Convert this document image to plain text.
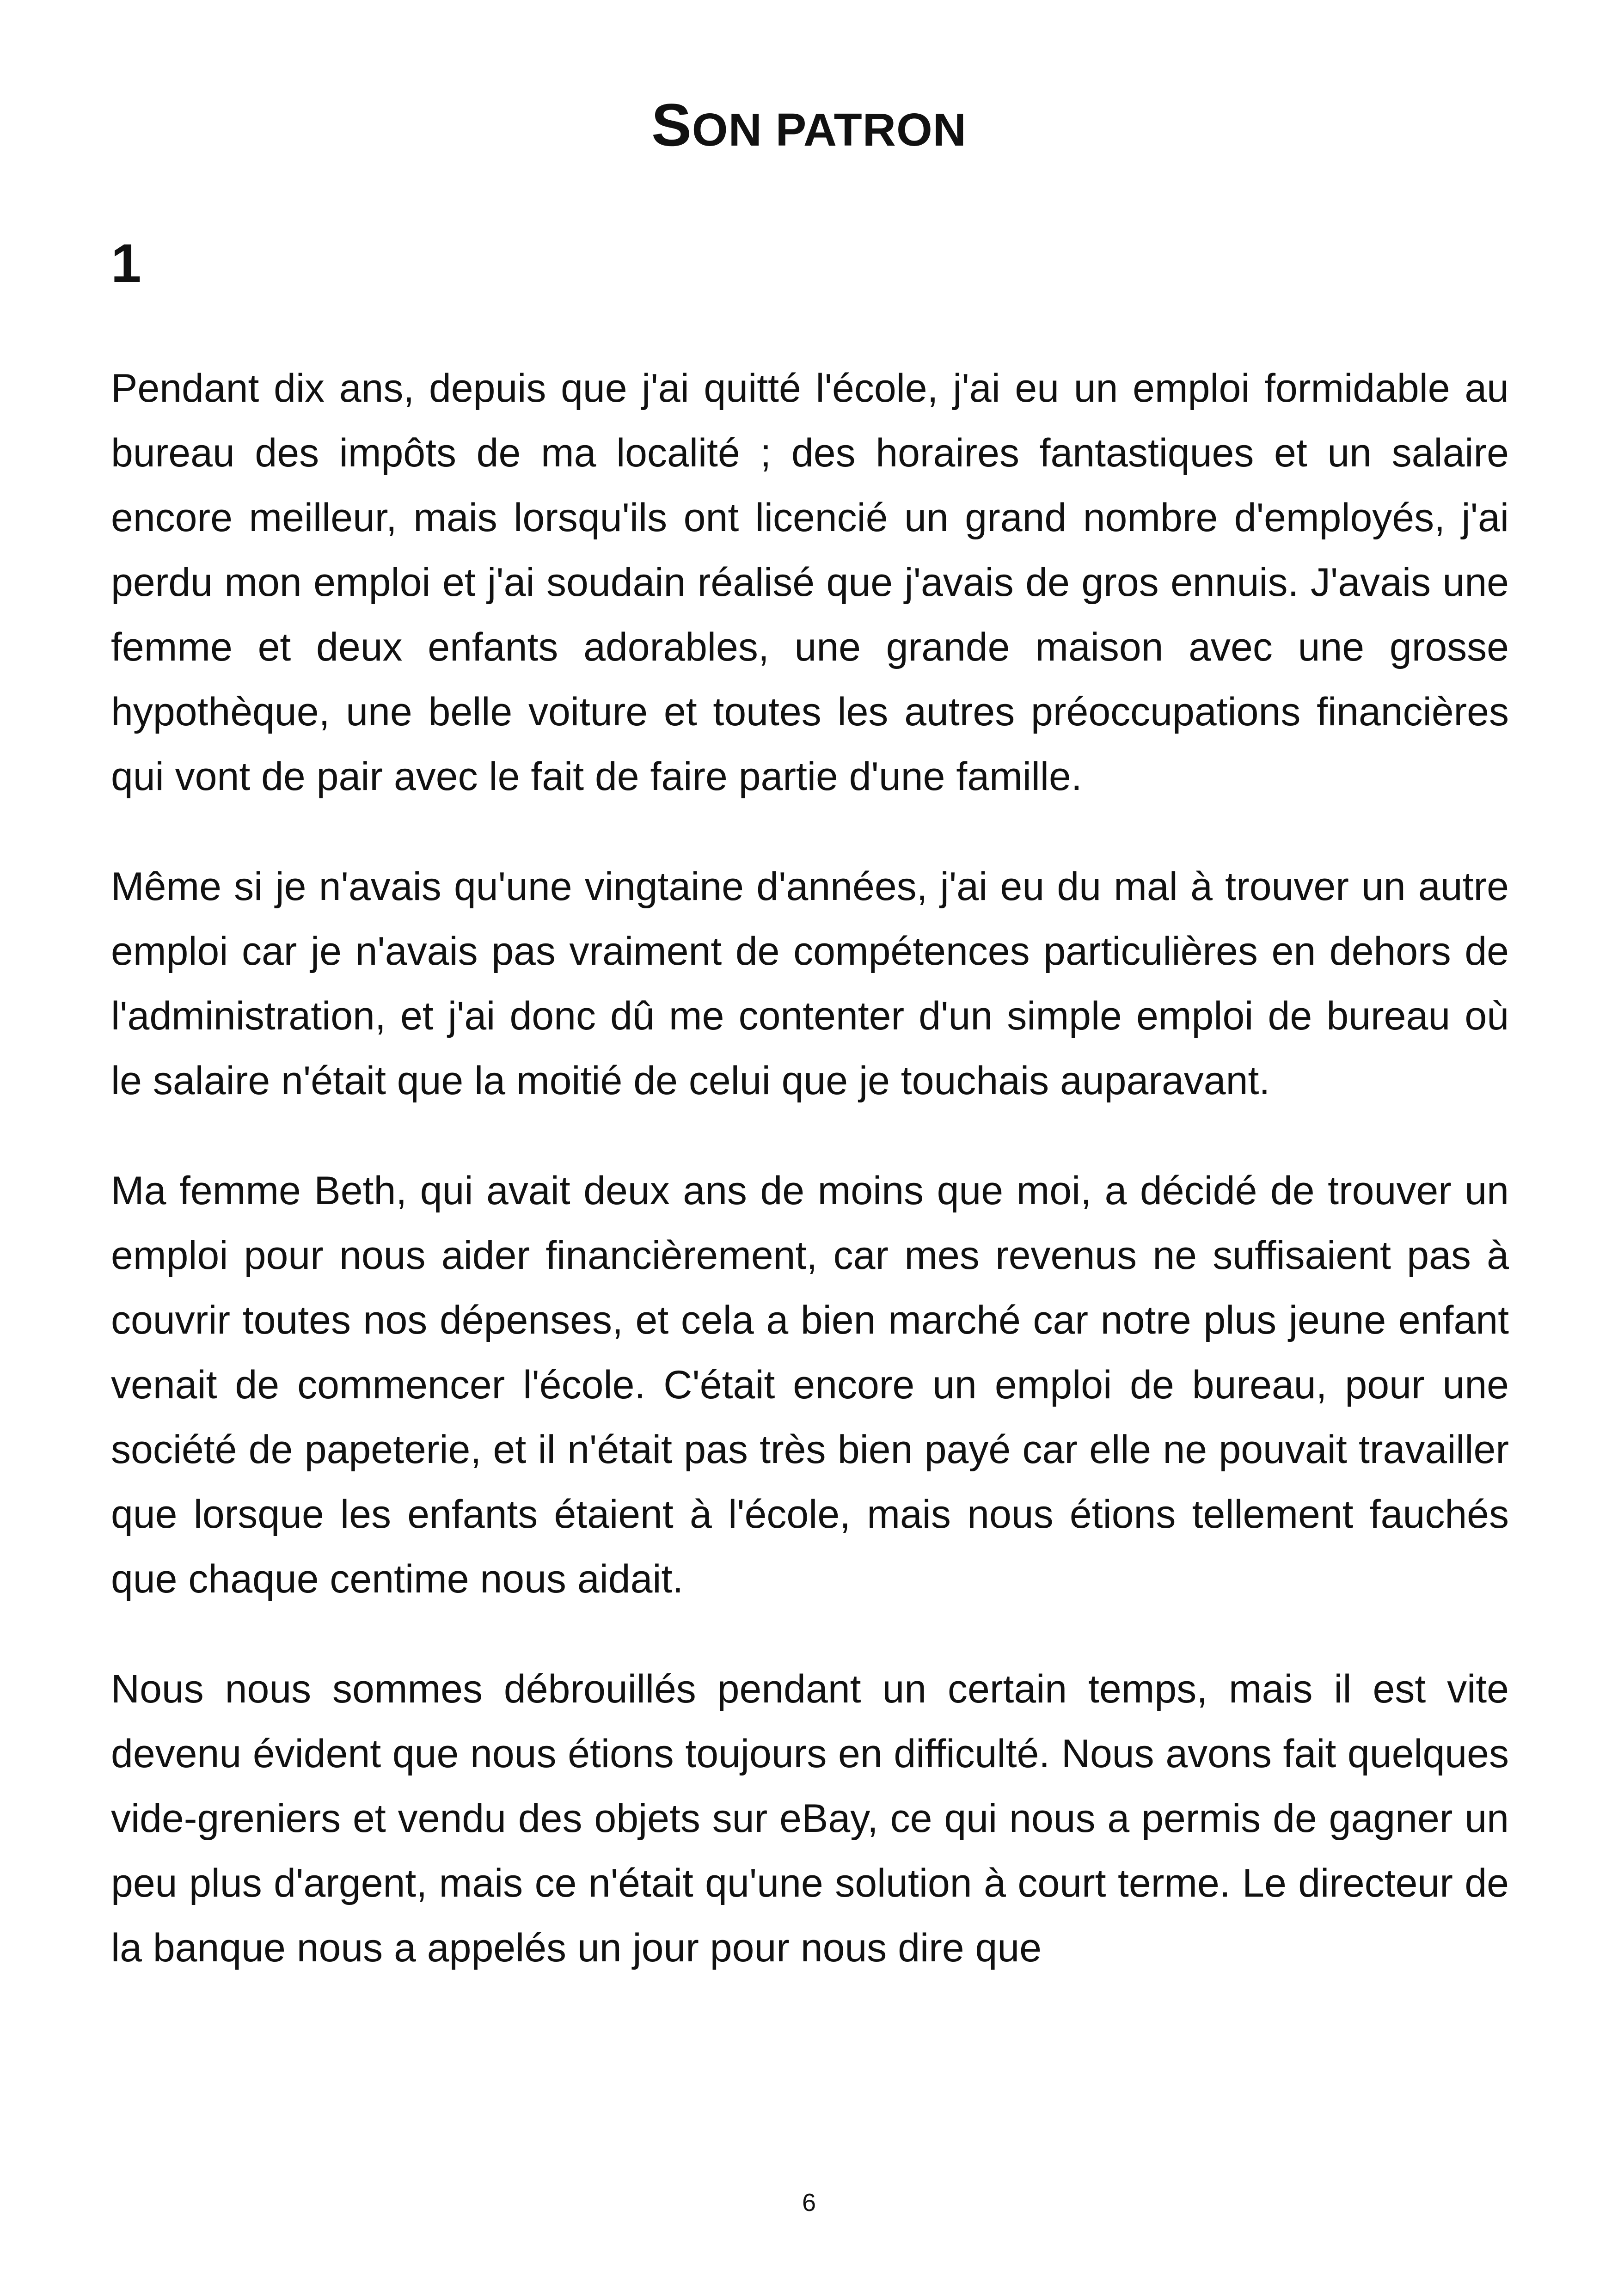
SON PATRON
1

Pendant dix ans, depuis que j'ai quitté l'école, j'ai eu un emploi formidable au bureau des impôts de ma localité ; des horaires fantastiques et un salaire encore meilleur, mais lorsqu'ils ont licencié un grand nombre d'employés, j'ai perdu mon emploi et j'ai soudain réalisé que j'avais de gros ennuis. J'avais une femme et deux enfants adorables, une grande maison avec une grosse hypothèque, une belle voiture et toutes les autres préoccupations financières qui vont de pair avec le fait de faire partie d'une famille.

Même si je n'avais qu'une vingtaine d'années, j'ai eu du mal à trouver un autre emploi car je n'avais pas vraiment de compétences particulières en dehors de l'administration, et j'ai donc dû me contenter d'un simple emploi de bureau où le salaire n'était que la moitié de celui que je touchais auparavant.

Ma femme Beth, qui avait deux ans de moins que moi, a décidé de trouver un emploi pour nous aider financièrement, car mes revenus ne suffisaient pas à couvrir toutes nos dépenses, et cela a bien marché car notre plus jeune enfant venait de commencer l'école. C'était encore un emploi de bureau, pour une société de papeterie, et il n'était pas très bien payé car elle ne pouvait travailler que lorsque les enfants étaient à l'école, mais nous étions tellement fauchés que chaque centime nous aidait.

Nous nous sommes débrouillés pendant un certain temps, mais il est vite devenu évident que nous étions toujours en difficulté. Nous avons fait quelques vide-greniers et vendu des objets sur eBay, ce qui nous a permis de gagner un peu plus d'argent, mais ce n'était qu'une solution à court terme. Le directeur de la banque nous a appelés un jour pour nous dire que

6
